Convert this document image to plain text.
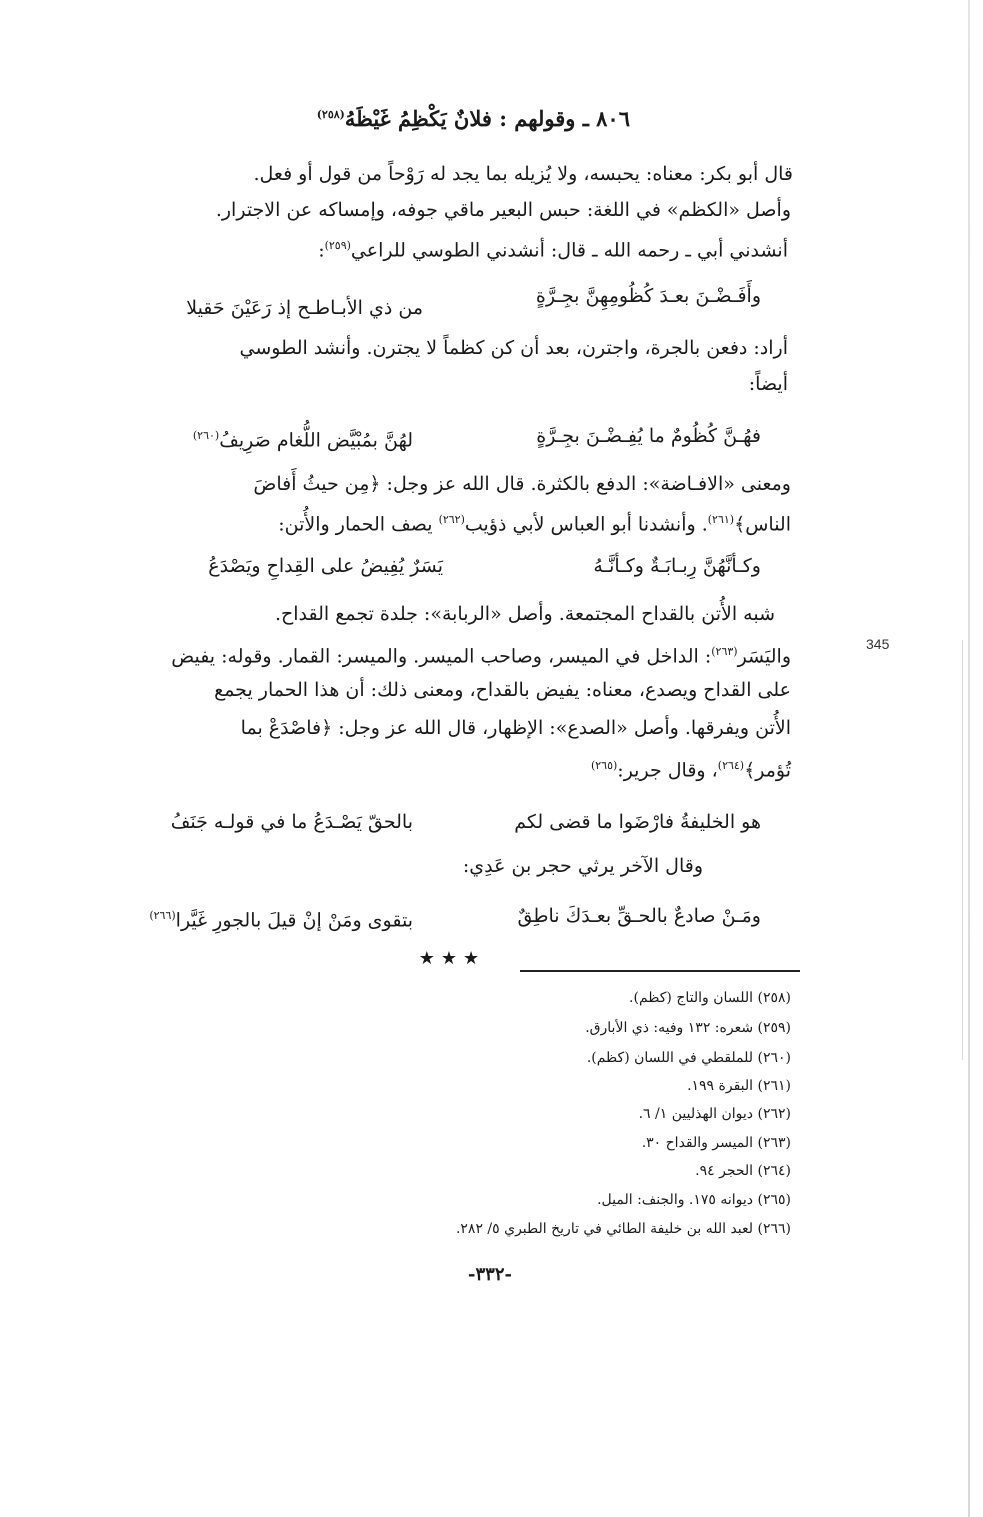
٨٠٦ ـ وقولهم : فلانٌ يَكْظِمُ غَيْظَهُ$^{(٢٥٨)}$
قال أبو بكر: معناه: يحبسه، ولا يُزيله بما يجد له رَوْحاً من قول أو فعل.
وأصل «الكظم» في اللغة: حبس البعير ماقي جوفه، وإمساكه عن الاجترار.
أنشدني أبي ـ رحمه الله ـ قال: أنشدني الطوسي للراعي$^{(٢٥٩)}$:
وأَفَـضْـنَ بعـدَ كُظُومِهِنَّ بجِـرَّةٍ
من ذي الأبـاطـح إذ رَعَيْنَ حَقيلا
أراد: دفعن بالجرة، واجترن، بعد أن كن كظماً لا يجترن. وأنشد الطوسي
أيضاً:
فهُـنَّ كُظُومٌ ما يُفِـضْـنَ بجِـرَّةٍ
لهُنَّ بمُبْيَّض اللُّغام صَرِيفُ$^{(٢٦٠)}$
ومعنى «الافـاضة»: الدفع بالكثرة. قال الله عز وجل: ﴿مِن حيثُ أَفاضَ
الناس﴾$^{(٢٦١)}$. وأنشدنا أبو العباس لأبي ذؤيب$^{(٢٦٢)}$ يصف الحمار والأُتن:
وكـأنَّهُنَّ رِبـابَـةٌ وكـأنَّـهُ
يَسَرٌ يُفِيضُ على القِداحِ ويَصْدَعُ
شبه الأُتن بالقداح المجتمعة. وأصل «الربابة»: جلدة تجمع القداح.
واليَسَر$^{(٢٦٣)}$: الداخل في الميسر، وصاحب الميسر. والميسر: القمار. وقوله: يفيض
على القداح ويصدع، معناه: يفيض بالقداح، ومعنى ذلك: أن هذا الحمار يجمع
الأُتن ويفرقها. وأصل «الصدع»: الإظهار، قال الله عز وجل: ﴿فاصْدَعْ بما
تُؤمر﴾$^{(٢٦٤)}$، وقال جرير:$^{(٢٦٥)}$
345
هو الخليفةُ فارْضَوا ما قضى لكم
بالحقّ يَصْـدَعُ ما في قولـه جَنَفُ
وقال الآخر يرثي حجر بن عَدِي:
ومَـنْ صادعٌ بالحـقِّ بعـدَكَ ناطِقٌ
بتقوى ومَنْ إنْ قيلَ بالجورِ غَيَّرا$^{(٢٦٦)}$
★★★
(٢٥٨) اللسان والتاج (كظم).
(٢٥٩) شعره: ١٣٢ وفيه: ذي الأبارق.
(٢٦٠) للملقطي في اللسان (كظم).
(٢٦١) البقرة ١٩٩.
(٢٦٢) ديوان الهذليين ١/ ٦.
(٢٦٣) الميسر والقداح ٣٠.
(٢٦٤) الحجر ٩٤.
(٢٦٥) ديوانه ١٧٥. والجنف: الميل.
(٢٦٦) لعبد الله بن خليفة الطائي في تاريخ الطبري ٥/ ٢٨٢.
-٣٣٢-
